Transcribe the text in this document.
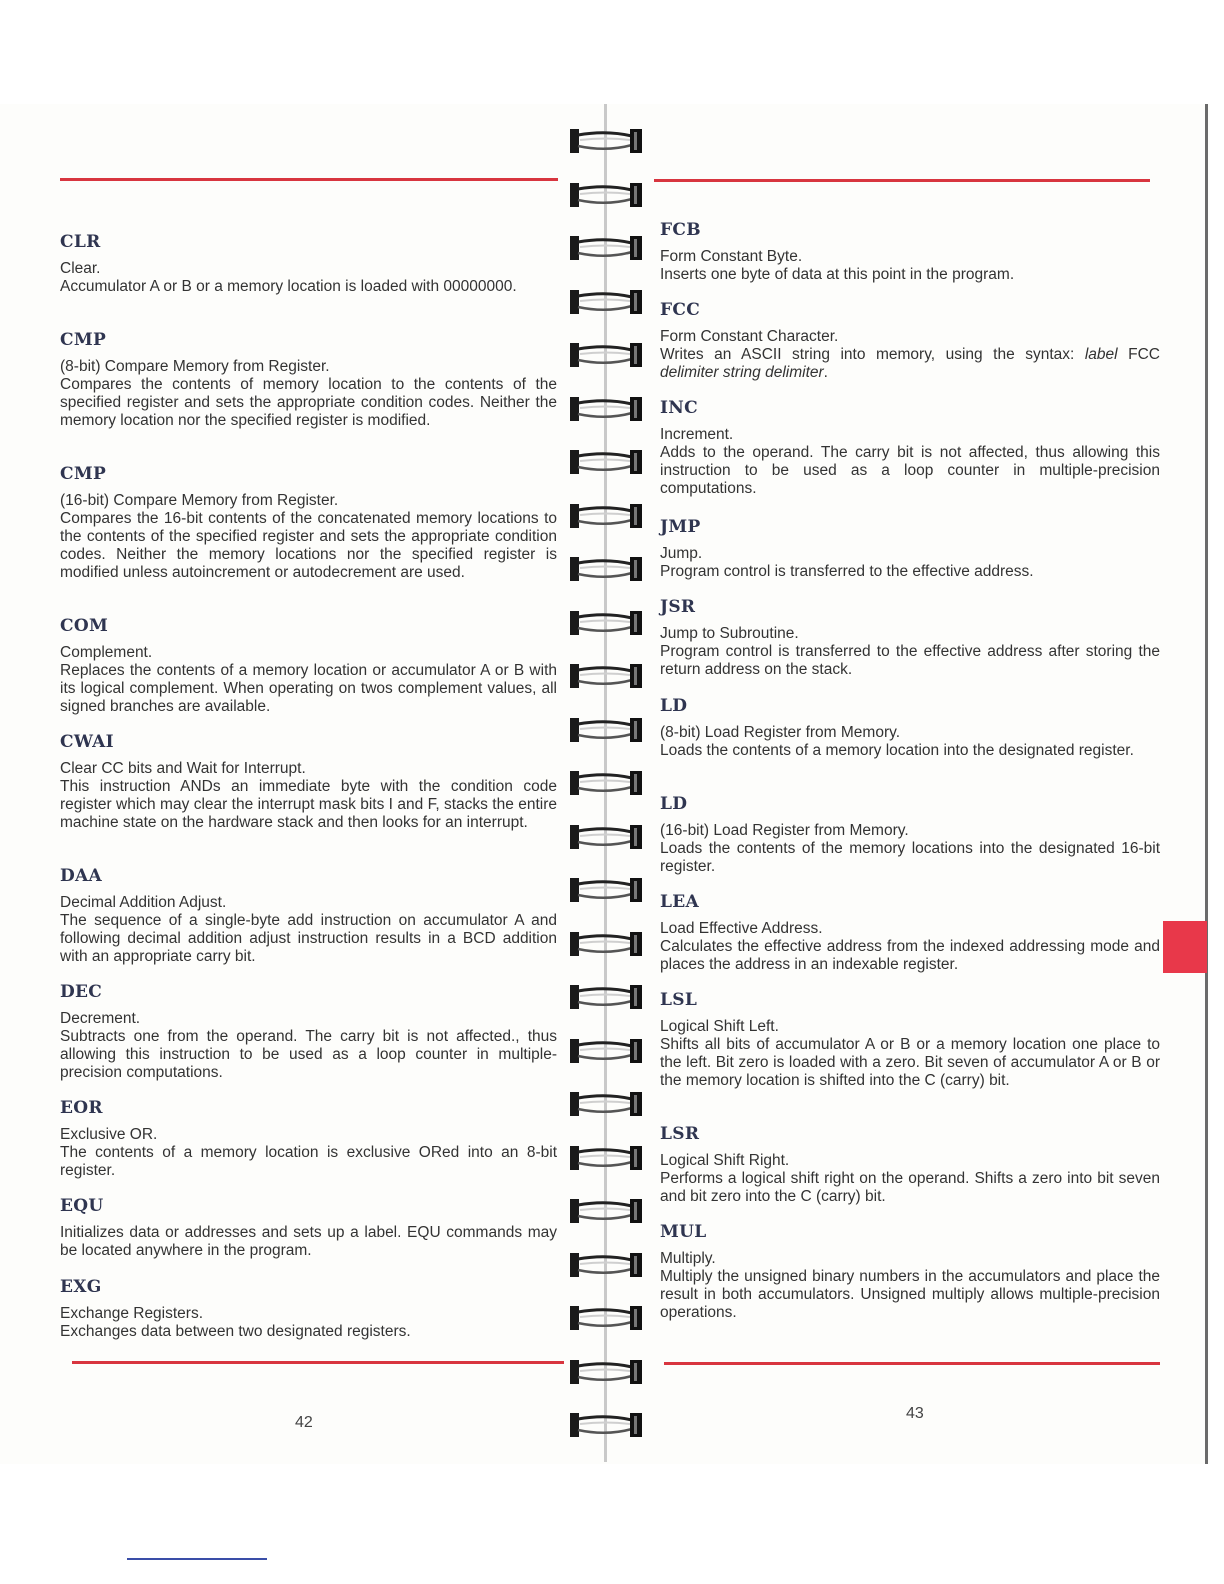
CLR

Clear.

Accumulator A or B or a memory location is loaded with 00000000.

CMP

(8-bit) Compare Memory from Register.

Compares the contents of memory location to the contents of the specified register and sets the appropriate condition codes. Neither the memory location nor the specified register is modified.

CMP

(16-bit) Compare Memory from Register.

Compares the 16-bit contents of the concatenated memory locations to the contents of the specified register and sets the appropriate condition codes. Neither the memory locations nor the specified register is modified unless autoincrement or autodecrement are used.

COM

Complement.

Replaces the contents of a memory location or accumulator A or B with its logical complement. When operating on twos complement values, all signed branches are available.

CWAI

Clear CC bits and Wait for Interrupt.

This instruction ANDs an immediate byte with the condition code register which may clear the interrupt mask bits I and F, stacks the entire machine state on the hardware stack and then looks for an interrupt.

DAA

Decimal Addition Adjust.

The sequence of a single-byte add instruction on accumulator A and following decimal addition adjust instruction results in a BCD addition with an appropriate carry bit.

DEC

Decrement.

Subtracts one from the operand. The carry bit is not affected., thus allowing this instruction to be used as a loop counter in multiple-precision computations.

EOR

Exclusive OR.

The contents of a memory location is exclusive ORed into an 8-bit register.

EQU

Initializes data or addresses and sets up a label. EQU commands may be located anywhere in the program.

EXG

Exchange Registers.

Exchanges data between two designated registers.

42
FCB

Form Constant Byte.

Inserts one byte of data at this point in the program.

FCC

Form Constant Character.

Writes an ASCII string into memory, using the syntax: label FCC delimiter string delimiter.

INC

Increment.

Adds to the operand. The carry bit is not affected, thus allowing this instruction to be used as a loop counter in multiple-precision computations.

JMP

Jump.

Program control is transferred to the effective address.

JSR

Jump to Subroutine.

Program control is transferred to the effective address after storing the return address on the stack.

LD

(8-bit) Load Register from Memory.

Loads the contents of a memory location into the designated register.

LD

(16-bit) Load Register from Memory.

Loads the contents of the memory locations into the designated 16-bit register.

LEA

Load Effective Address.

Calculates the effective address from the indexed addressing mode and places the address in an indexable register.

LSL

Logical Shift Left.

Shifts all bits of accumulator A or B or a memory location one place to the left. Bit zero is loaded with a zero. Bit seven of accumulator A or B or the memory location is shifted into the C (carry) bit.

LSR

Logical Shift Right.

Performs a logical shift right on the operand. Shifts a zero into bit seven and bit zero into the C (carry) bit.

MUL

Multiply.

Multiply the unsigned binary numbers in the accumulators and place the result in both accumulators. Unsigned multiply allows multiple-precision operations.

43
